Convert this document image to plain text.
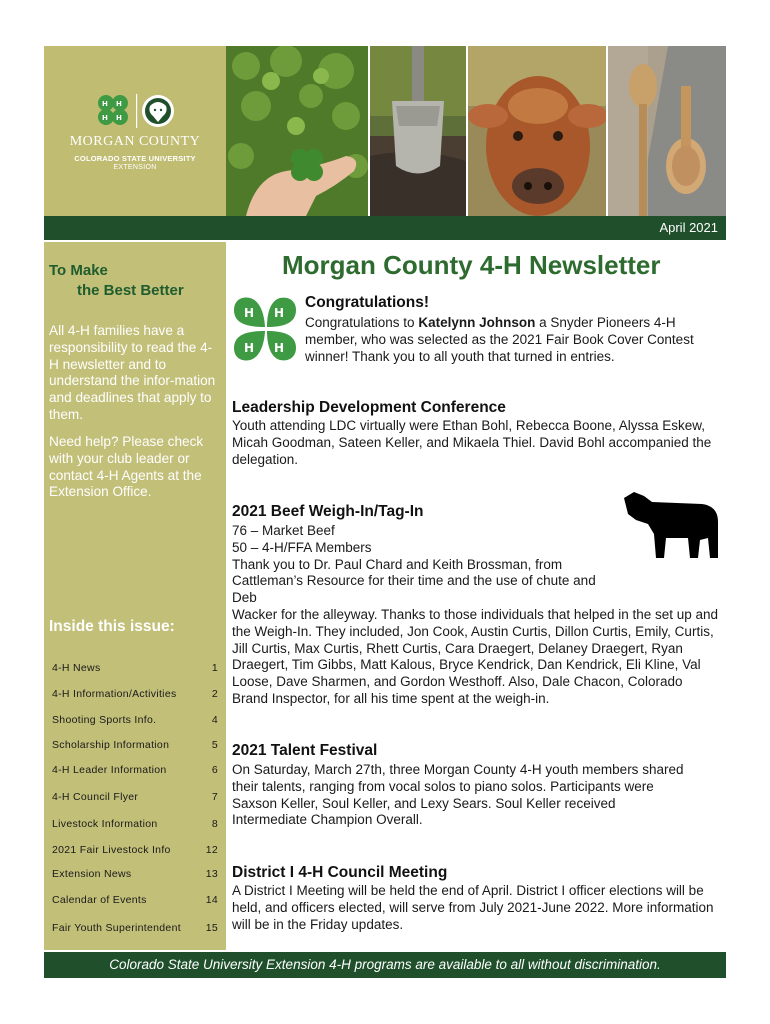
H H
H H
MORGAN COUNTY
COLORADO STATE UNIVERSITY
EXTENSION
April 2021
To Make
the Best Better
All 4-H families have a responsibility to read the 4-H newsletter and to understand the infor-mation and deadlines that apply to them.
Need help? Please check with your club leader or contact 4-H Agents at the Extension Office.
Inside this issue:
4-H News	1
4-H Information/Activities	2
Shooting Sports Info.	4
Scholarship Information	5
4-H Leader Information	6
4-H Council Flyer	7
Livestock Information	8
2021 Fair Livestock Info	12
Extension News	13
Calendar of Events	14
Fair Youth Superintendent 15
Morgan County 4-H Newsletter
H H
H H
Congratulations!
Congratulations to Katelynn Johnson a Snyder Pioneers 4-H member, who was selected as the 2021 Fair Book Cover Contest winner! Thank you to all youth that turned in entries.
Leadership Development Conference
Youth attending LDC virtually were Ethan Bohl, Rebecca Boone, Alyssa Eskew, Micah Goodman, Sateen Keller, and Mikaela Thiel. David Bohl accompanied the delegation.
2021 Beef Weigh-In/Tag-In
76 – Market Beef
50 – 4-H/FFA Members
Thank you to Dr. Paul Chard and Keith Brossman, from Cattleman’s Resource for their time and the use of chute and Deb
Wacker for the alleyway. Thanks to those individuals that helped in the set up and the Weigh-In. They included, Jon Cook, Austin Curtis, Dillon Curtis, Emily, Curtis, Jill Curtis, Max Curtis, Rhett Curtis, Cara Draegert, Delaney Draegert, Ryan Draegert, Tim Gibbs, Matt Kalous, Bryce Kendrick, Dan Kendrick, Eli Kline, Val Loose, Dave Sharmen, and Gordon Westhoff. Also, Dale Chacon, Colorado Brand Inspector, for all his time spent at the weigh-in.
2021 Talent Festival
On Saturday, March 27th, three Morgan County 4-H youth members shared their talents, ranging from vocal solos to piano solos. Participants were Saxson Keller, Soul Keller, and Lexy Sears. Soul Keller received Intermediate Champion Overall.
District I 4-H Council Meeting
A District I Meeting will be held the end of April. District I officer elections will be held, and officers elected, will serve from July 2021-June 2022. More information will be in the Friday updates.
Colorado State University Extension 4-H programs are available to all without discrimination.
